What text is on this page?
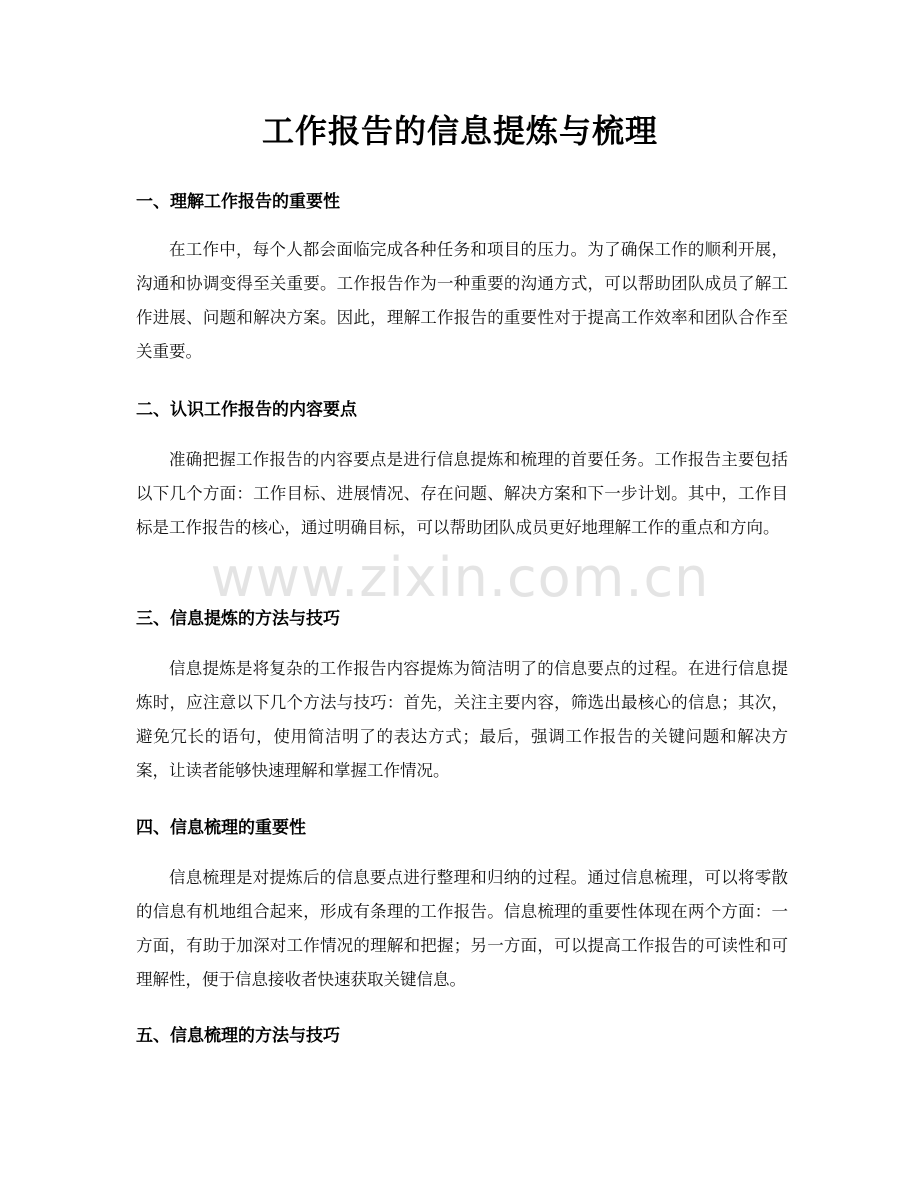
工作报告的信息提炼与梳理
一、理解工作报告的重要性

在工作中，每个人都会面临完成各种任务和项目的压力。为了确保工作的顺利开展，沟通和协调变得至关重要。工作报告作为一种重要的沟通方式，可以帮助团队成员了解工作进展、问题和解决方案。因此，理解工作报告的重要性对于提高工作效率和团队合作至关重要。

二、认识工作报告的内容要点

准确把握工作报告的内容要点是进行信息提炼和梳理的首要任务。工作报告主要包括以下几个方面：工作目标、进展情况、存在问题、解决方案和下一步计划。其中，工作目标是工作报告的核心，通过明确目标，可以帮助团队成员更好地理解工作的重点和方向。

三、信息提炼的方法与技巧

信息提炼是将复杂的工作报告内容提炼为简洁明了的信息要点的过程。在进行信息提炼时，应注意以下几个方法与技巧：首先，关注主要内容，筛选出最核心的信息；其次，避免冗长的语句，使用简洁明了的表达方式；最后，强调工作报告的关键问题和解决方案，让读者能够快速理解和掌握工作情况。

四、信息梳理的重要性

信息梳理是对提炼后的信息要点进行整理和归纳的过程。通过信息梳理，可以将零散的信息有机地组合起来，形成有条理的工作报告。信息梳理的重要性体现在两个方面：一方面，有助于加深对工作情况的理解和把握；另一方面，可以提高工作报告的可读性和可理解性，便于信息接收者快速获取关键信息。

五、信息梳理的方法与技巧
www.zixin.com.cn
